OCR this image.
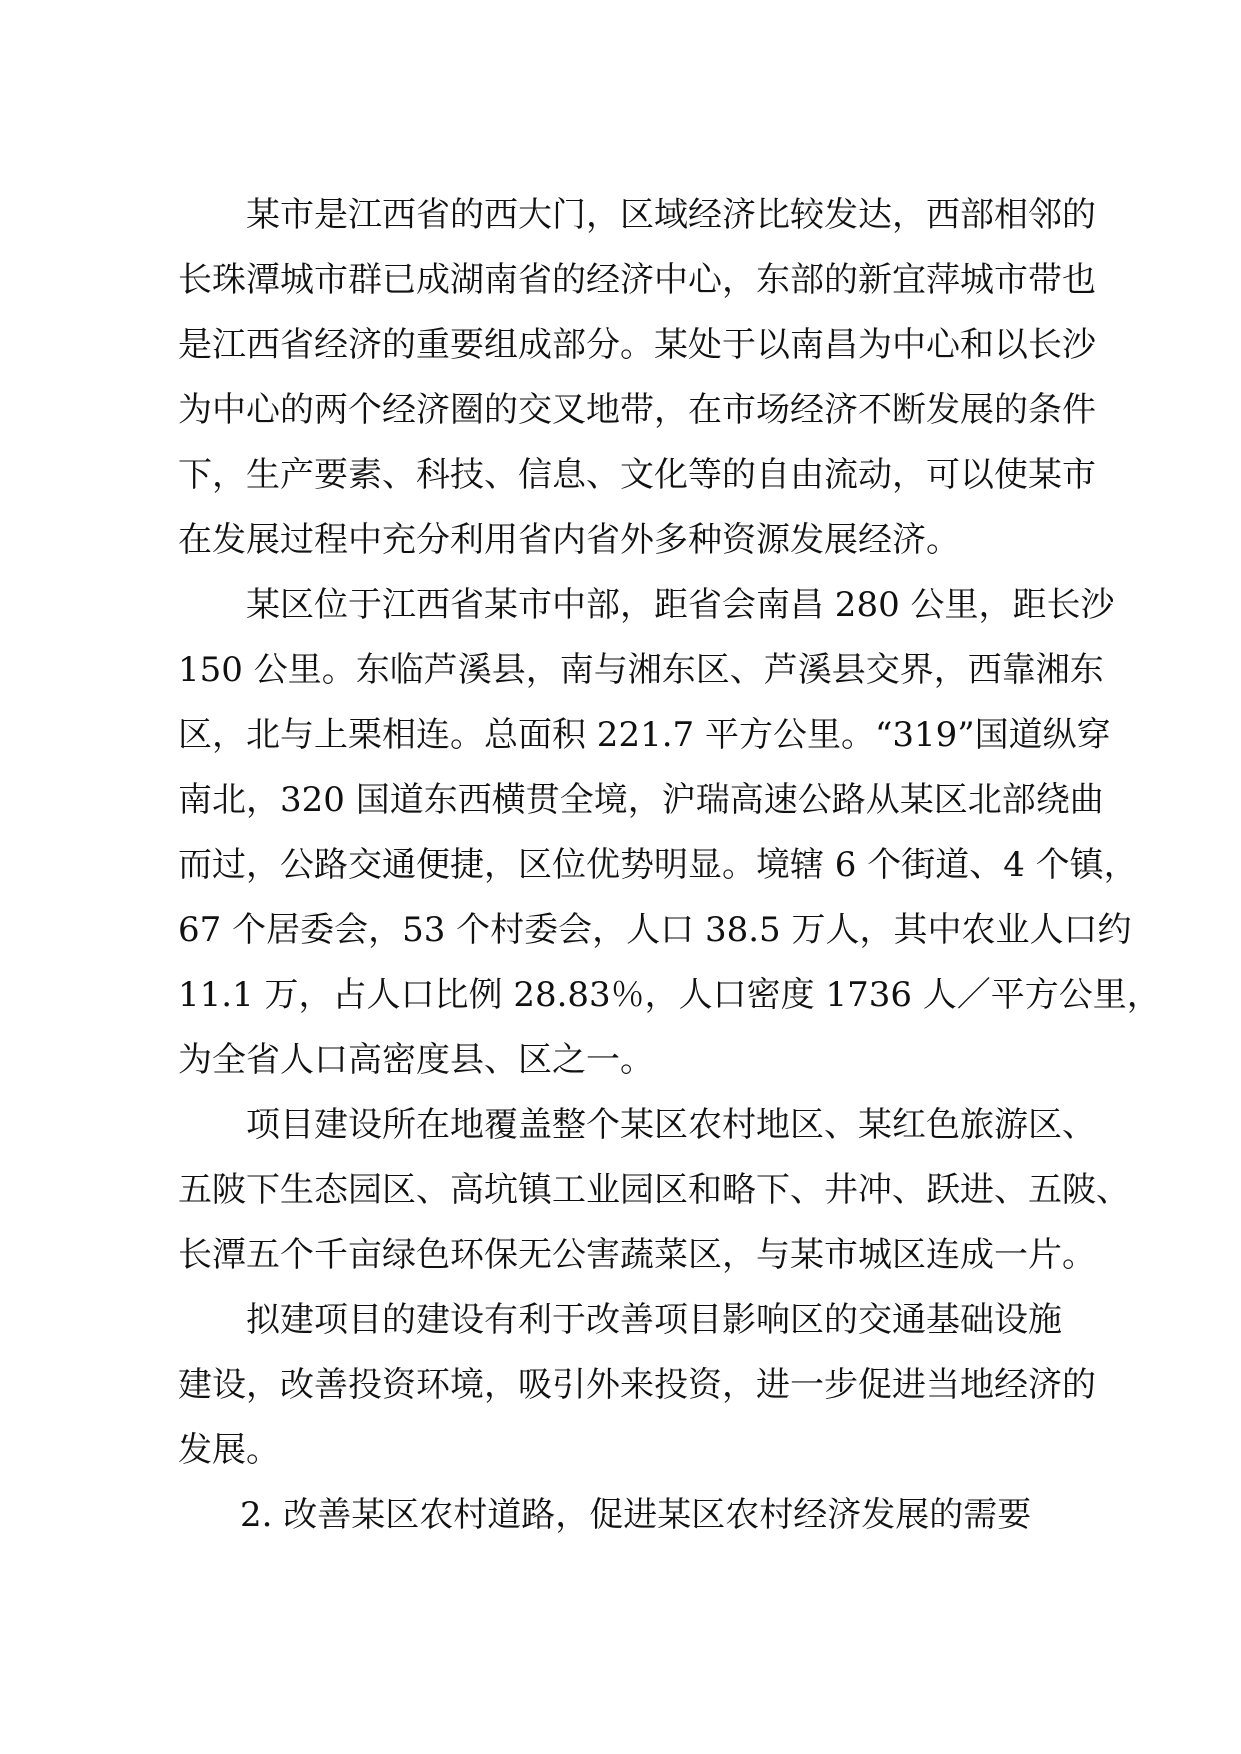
某市是江西省的西大门，区域经济比较发达，西部相邻的
长珠潭城市群已成湖南省的经济中心，东部的新宜萍城市带也
是江西省经济的重要组成部分。某处于以南昌为中心和以长沙
为中心的两个经济圈的交叉地带，在市场经济不断发展的条件
下，生产要素、科技、信息、文化等的自由流动，可以使某市
在发展过程中充分利用省内省外多种资源发展经济。
某区位于江西省某市中部，距省会南昌 280 公里，距长沙
150 公里。东临芦溪县，南与湘东区、芦溪县交界，西靠湘东
区，北与上栗相连。总面积 221.7 平方公里。“319”国道纵穿
南北，320 国道东西横贯全境，沪瑞高速公路从某区北部绕曲
而过，公路交通便捷，区位优势明显。境辖 6 个街道、4 个镇，
67 个居委会，53 个村委会，人口 38.5 万人，其中农业人口约
11.1 万，占人口比例 28.83％，人口密度 1736 人／平方公里，
为全省人口高密度县、区之一。
项目建设所在地覆盖整个某区农村地区、某红色旅游区、
五陂下生态园区、高坑镇工业园区和略下、井冲、跃进、五陂、
长潭五个千亩绿色环保无公害蔬菜区，与某市城区连成一片。
拟建项目的建设有利于改善项目影响区的交通基础设施
建设，改善投资环境，吸引外来投资，进一步促进当地经济的
发展。
2. 改善某区农村道路，促进某区农村经济发展的需要
